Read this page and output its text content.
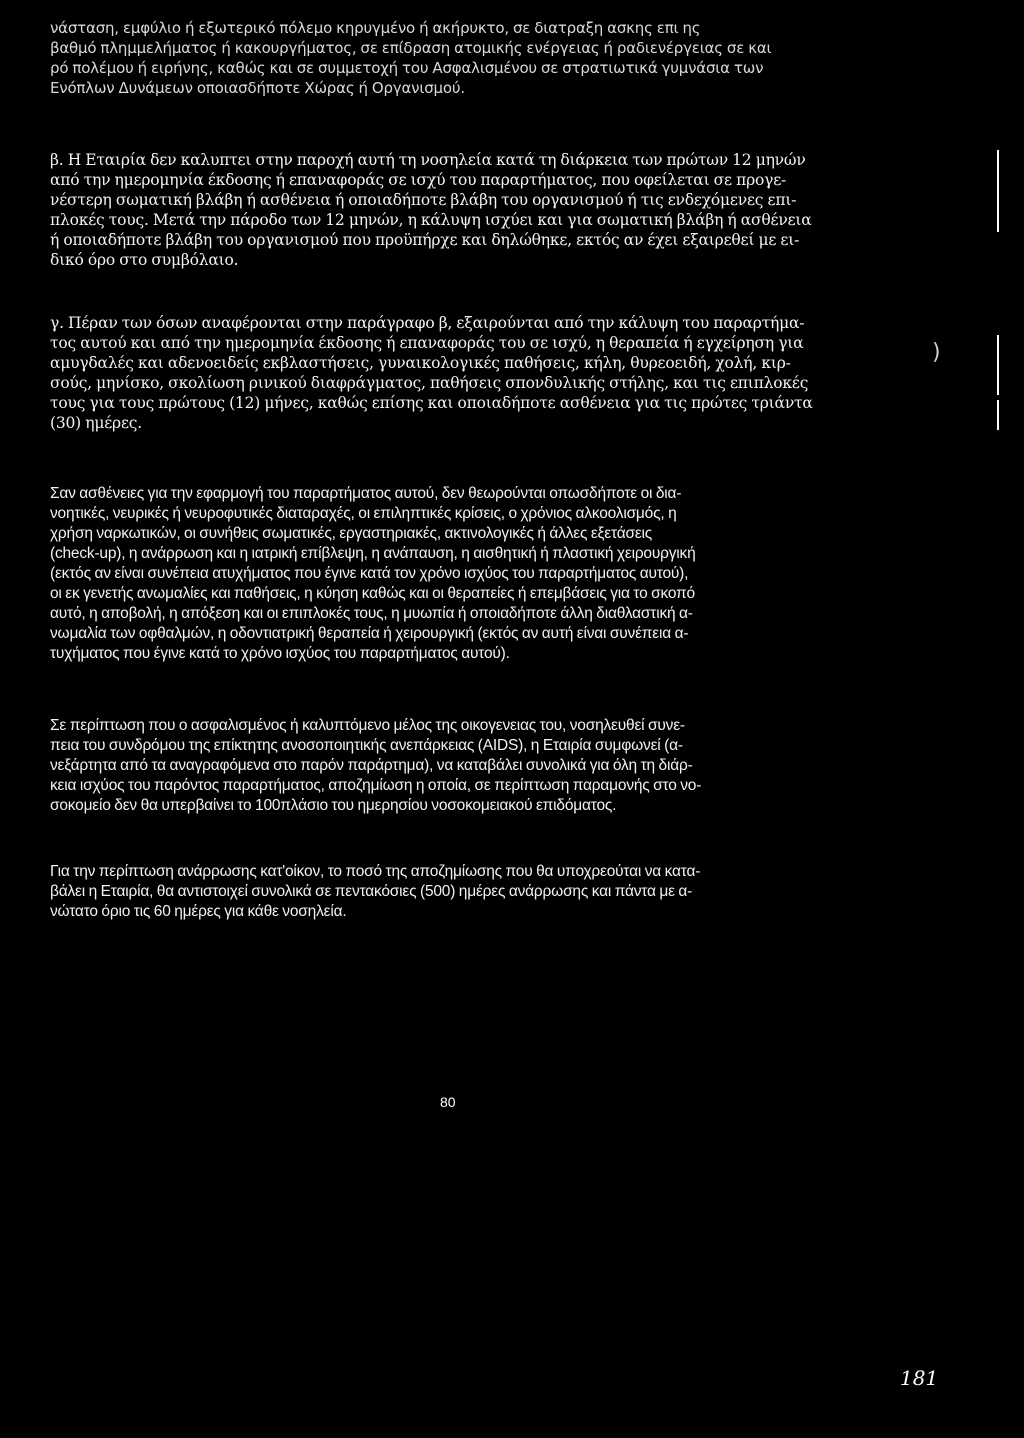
νάσταση, εμφύλιο ή εξωτερικό πόλεμο κηρυγμένο ή ακήρυκτο, σε διατραξη ασκης επι ης
βαθμό πλημμελήματος ή κακουργήματος, σε επίδραση ατομικής ενέργειας ή ραδιενέργειας σε και
ρό πολέμου ή ειρήνης, καθώς και σε συμμετοχή του Ασφαλισμένου σε στρατιωτικά γυμνάσια των
Ενόπλων Δυνάμεων οποιασδήποτε Χώρας ή Οργανισμού.
β. Η Εταιρία δεν καλυπτει στην παροχή αυτή τη νοσηλεία κατά τη διάρκεια των πρώτων 12 μηνών
από την ημερομηνία έκδοσης ή επαναφοράς σε ισχύ του παραρτήματος, που οφείλεται σε προγε-
νέστερη σωματική βλάβη ή ασθένεια ή οποιαδήποτε βλάβη του οργανισμού ή τις ενδεχόμενες επι-
πλοκές τους. Μετά την πάροδο των 12 μηνών, η κάλυψη ισχύει και για σωματική βλάβη ή ασθένεια
ή οποιαδήποτε βλάβη του οργανισμού που προϋπήρχε και δηλώθηκε, εκτός αν έχει εξαιρεθεί με ει-
δικό όρο στο συμβόλαιο.
γ. Πέραν των όσων αναφέρονται στην παράγραφο β, εξαιρούνται από την κάλυψη του παραρτήμα-
τος αυτού και από την ημερομηνία έκδοσης ή επαναφοράς του σε ισχύ, η θεραπεία ή εγχείρηση για
αμυγδαλές και αδενοειδείς εκβλαστήσεις, γυναικολογικές παθήσεις, κήλη, θυρεοειδή, χολή, κιρ-
σούς, μηνίσκο, σκολίωση ρινικού διαφράγματος, παθήσεις σπονδυλικής στήλης, και τις επιπλοκές
τους για τους πρώτους (12) μήνες, καθώς επίσης και οποιαδήποτε ασθένεια για τις πρώτες τριάντα
(30) ημέρες.
Σαν ασθένειες για την εφαρμογή του παραρτήματος αυτού, δεν θεωρούνται οπωσδήποτε οι δια-
νοητικές, νευρικές ή νευροφυτικές διαταραχές, οι επιληπτικές κρίσεις, ο χρόνιος αλκοολισμός, η
χρήση ναρκωτικών, οι συνήθεις σωματικές, εργαστηριακές, ακτινολογικές ή άλλες εξετάσεις
(check-up), η ανάρρωση και η ιατρική επίβλεψη, η ανάπαυση, η αισθητική ή πλαστική χειρουργική
(εκτός αν είναι συνέπεια ατυχήματος που έγινε κατά τον χρόνο ισχύος του παραρτήματος αυτού),
οι εκ γενετής ανωμαλίες και παθήσεις, η κύηση καθώς και οι θεραπείες ή επεμβάσεις για το σκοπό
αυτό, η αποβολή, η απόξεση και οι επιπλοκές τους, η μυωπία ή οποιαδήποτε άλλη διαθλαστική α-
νωμαλία των οφθαλμών, η οδοντιατρική θεραπεία ή χειρουργική (εκτός αν αυτή είναι συνέπεια α-
τυχήματος που έγινε κατά το χρόνο ισχύος του παραρτήματος αυτού).
Σε περίπτωση που ο ασφαλισμένος ή καλυπτόμενο μέλος της οικογενειας του, νοσηλευθεί συνε-
πεια του συνδρόμου της επίκτητης ανοσοποιητικής ανεπάρκειας (AIDS), η Εταιρία συμφωνεί (α-
νεξάρτητα από τα αναγραφόμενα στο παρόν παράρτημα), να καταβάλει συνολικά για όλη τη διάρ-
κεια ισχύος του παρόντος παραρτήματος, αποζημίωση η οποία, σε περίπτωση παραμονής στο νο-
σοκομείο δεν θα υπερβαίνει το 100πλάσιο του ημερησίου νοσοκομειακού επιδόματος.
Για την περίπτωση ανάρρωσης κατ'οίκον, το ποσό της αποζημίωσης που θα υποχρεούται να κατα-
βάλει η Εταιρία, θα αντιστοιχεί συνολικά σε πεντακόσιες (500) ημέρες ανάρρωσης και πάντα με α-
νώτατο όριο τις 60 ημέρες για κάθε νοσηλεία.
80
181
)
